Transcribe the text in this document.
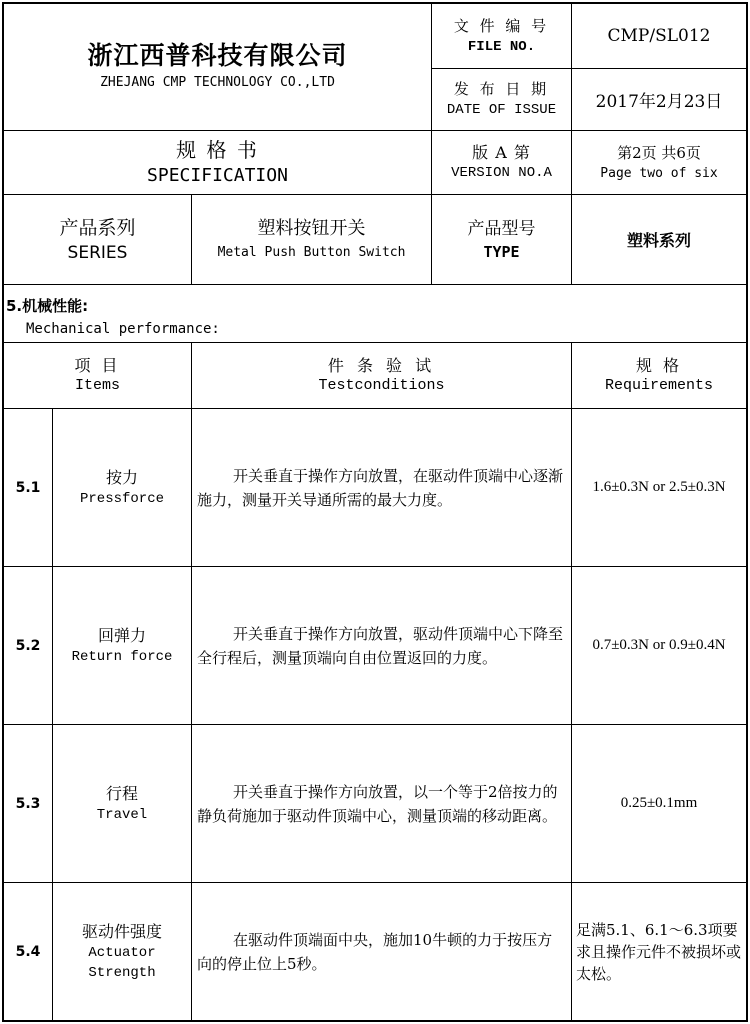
浙江西普科技有限公司
ZHEJANG CMP TECHNOLOGY CO.,LTD
文 件 编 号
FILE NO.
CMP/SL012
发 布 日 期
DATE OF ISSUE 2017年2月23日
规 格 书
SPECIFICATION
版 A 第
VERSION NO.A
第2页 共6页
Page two of six
产品系列
SERIES
塑料按钮开关
Metal Push Button Switch
产品型号
TYPE
塑料系列
5.机械性能:
Mechanical performance:
项 目
Items
件 条 验 试
Testconditions
规 格
Requirements
5.1
按力
Pressforce

开关垂直于操作方向放置，在驱动件顶端中心逐渐施力，测量开关导通所需的最大力度。

1.6±0.3N or 2.5±0.3N
5.2
回弹力
Return force

开关垂直于操作方向放置，驱动件顶端中心下降至全行程后，测量顶端向自由位置返回的力度。

0.7±0.3N or 0.9±0.4N
5.3
行程
Travel

开关垂直于操作方向放置，以一个等于2倍按力的静负荷施加于驱动件顶端中心，测量顶端的移动距离。

0.25±0.1mm
5.4
驱动件强度
Actuator
Strength

在驱动件顶端面中央，施加10牛顿的力于按压方向的停止位上5秒。

足满5.1、6.1～6.3项要求且操作元件不被损坏或太松。
